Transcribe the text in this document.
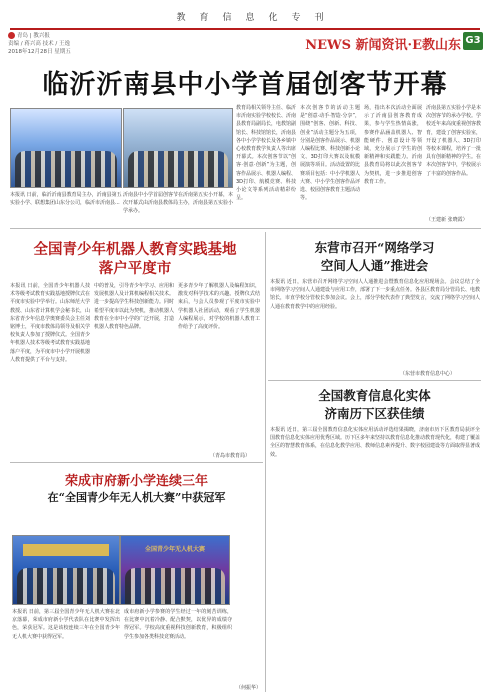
教育信息化专刊
青岛 | 教兴报
责编 / 蒋兴高 技术 / 王逸
2018年12月28日 星期五	NEWS 新闻资讯·E教山东 G3
临沂沂南县中小学首届创客节开幕
本报讯 日前，临沂沂南县教育局主办，沂南县第五实验小学、联想集团山东分公司，临沂市沂南县...
沂南县中小学首届创客节在沂南第五实小开幕，本次开幕式由沂南县教体局主办，沂南县第五实验小学承办。
教育局相关领导主任、临沂市沂南实验学校校长、沂南县教育局副局长，电教馆副馆长、科技馆馆长，沂南县各中小学学校长及各乡镇中心校教育教学负责人等出席开幕式。本次创客节以“创客·创意·创新”为主题，创客作品展示、机器人编程、3D打印、航模竞赛、科技小论文等系列活动精彩纷呈。
本次创客节的活动主题是“创意·动手·智造·分享”，围绕“创客、创新、科技、创业”活动主题分为五项，分别是创客作品展示、机器人编程比赛、科技创新小论文、3D打印大赛以及航模展演等项目。活动设置的比赛项目包括：中小学机器人大赛、中小学生创客作品评选、校园创客教育主题活动等。
场，指出本次活动全面展示了沂南县创客教育成果，参与学生热情高涨，参赛作品涵盖机器人、智能硬件、创意设计等领域，充分展示了学生的创新精神和实践能力。沂南县教育局将以此次创客节为契机，进一步推进创客教育工作。
沂南县第五实验小学是本次创客节的承办学校。学校近年来高度重视创客教育，建设了创客实验室，开设了机器人、3D打印等校本课程，培养了一批具有创新精神的学生。在本次创客节中，学校展示了丰富的创客作品。
（王建新 张晓霞）
全国青少年机器人教育实践基地
落户平度市
本报讯 日前，全国青少年机器人技术等级考试教育实践基地授牌仪式在平度市实验中学举行。山东师范大学教授、山东省计算机学会秘书长，山东省青少年信息学奥赛委员会主任刘铭博士，平度市教体局领导及相关学校负责人参加了授牌仪式。全国青少年机器人技术等级考试教育实践基地落户平度，为平度市中小学开展机器人教育提供了平台与支持。
中的普及，引导青少年学习、应用和发展机器人及计算机编程相关技术。进一步提高学生科技创新能力。同时希望平度市以此为契机，推动机器人教育在全市中小学的广泛开展，打造机器人教育特色品牌。
更多青少年了解机器人及编程知识，激发对科学技术的兴趣。授牌仪式结束后，与会人员参观了平度市实验中学机器人社团活动，观看了学生机器人编程展示，对学校的机器人教育工作给予了高度评价。
（青岛市教育局）
东营市召开“网络学习
空间人人通”推进会
本报讯 近日，东营市召开网络学习空间人人通推进会暨教育信息化应用现场会。会议总结了全市网络学习空间人人通建设与应用工作，部署了下一步重点任务。各县区教育局分管局长、电教馆长，市直学校分管校长参加会议。会上，部分学校代表作了典型发言，交流了网络学习空间人人通在教育教学中的应用经验。
（东营市教育信息中心）
全国教育信息化实体
济南历下区获佳绩
本报讯 近日，第三届全国教育信息化实体应用活动评选结果揭晓，济南市历下区教育局获评全国教育信息化实体应用优秀区域。历下区多年来坚持以教育信息化推动教育现代化，构建了覆盖全区的智慧教育体系，在信息化教学应用、教师信息素养提升、数字校园建设等方面取得显著成效。
荣成市府新小学连续三年
在“全国青少年无人机大赛”中获冠军
全国青少年无人机大赛
本报讯 日前，第三届全国青少年无人机大赛在北京落幕，荣成市府新小学代表队在比赛中发挥出色，荣获冠军。这是该校连续三年在全国青少年无人机大赛中获得冠军。
成市府新小学参赛的学生经过一年的刻苦训练，在比赛中沉着冷静、配合默契，以优异的成绩夺得冠军。学校高度重视科技创新教育，积极组织学生参加各类科技竞赛活动。
（何振华）
